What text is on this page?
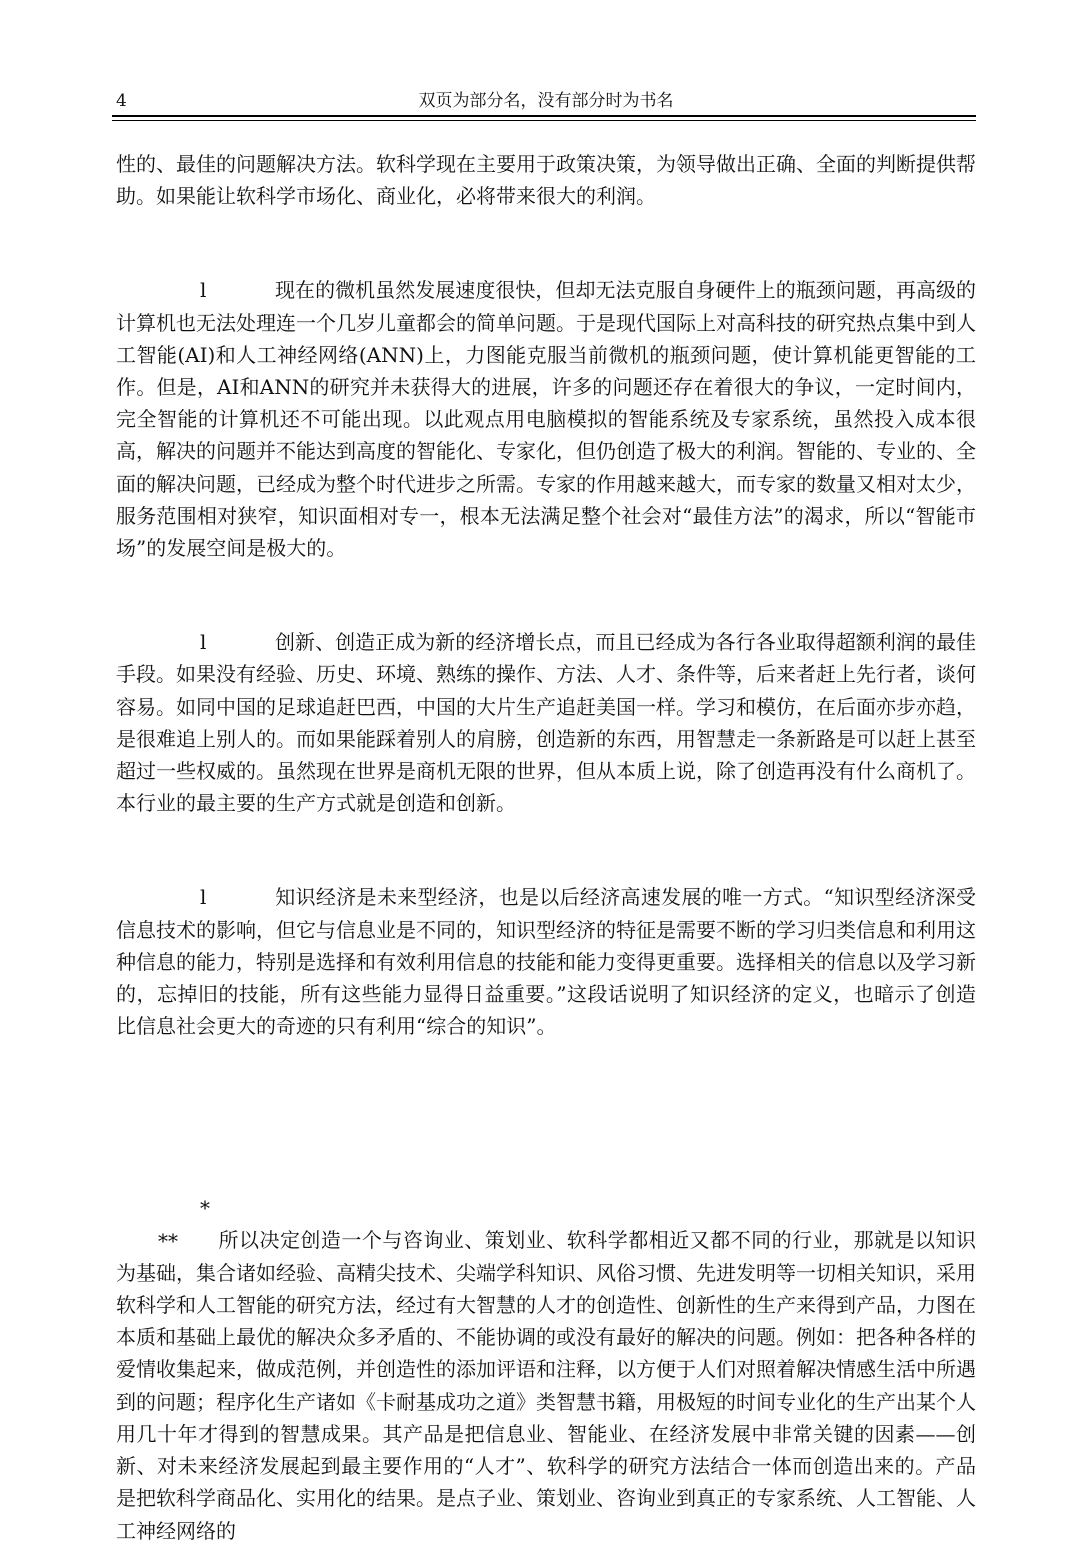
4	双页为部分名，没有部分时为书名

性的、最佳的问题解决方法。软科学现在主要用于政策决策，为领导做出正确、全面的判断提供帮助。如果能让软科学市场化、商业化，必将带来很大的利润。

l	现在的微机虽然发展速度很快，但却无法克服自身硬件上的瓶颈问题，再高级的计算机也无法处理连一个几岁儿童都会的简单问题。于是现代国际上对高科技的研究热点集中到人工智能(AI)和人工神经网络(ANN)上，力图能克服当前微机的瓶颈问题，使计算机能更智能的工作。但是，AI和ANN的研究并未获得大的进展，许多的问题还存在着很大的争议，一定时间内，完全智能的计算机还不可能出现。以此观点用电脑模拟的智能系统及专家系统，虽然投入成本很高，解决的问题并不能达到高度的智能化、专家化，但仍创造了极大的利润。智能的、专业的、全面的解决问题，已经成为整个时代进步之所需。专家的作用越来越大，而专家的数量又相对太少，服务范围相对狭窄，知识面相对专一，根本无法满足整个社会对“最佳方法”的渴求，所以“智能市场”的发展空间是极大的。

l	创新、创造正成为新的经济增长点，而且已经成为各行各业取得超额利润的最佳手段。如果没有经验、历史、环境、熟练的操作、方法、人才、条件等，后来者赶上先行者，谈何容易。如同中国的足球追赶巴西，中国的大片生产追赶美国一样。学习和模仿，在后面亦步亦趋，是很难追上别人的。而如果能踩着别人的肩膀，创造新的东西，用智慧走一条新路是可以赶上甚至超过一些权威的。虽然现在世界是商机无限的世界，但从本质上说，除了创造再没有什么商机了。本行业的最主要的生产方式就是创造和创新。

l	知识经济是未来型经济，也是以后经济高速发展的唯一方式。“知识型经济深受信息技术的影响，但它与信息业是不同的，知识型经济的特征是需要不断的学习归类信息和利用这种信息的能力，特别是选择和有效利用信息的技能和能力变得更重要。选择相关的信息以及学习新的，忘掉旧的技能，所有这些能力显得日益重要。”这段话说明了知识经济的定义，也暗示了创造比信息社会更大的奇迹的只有利用“综合的知识”。

*** 所以决定创造一个与咨询业、策划业、软科学都相近又都不同的行业，那就是以知识为基础，集合诸如经验、高精尖技术、尖端学科知识、风俗习惯、先进发明等一切相关知识，采用软科学和人工智能的研究方法，经过有大智慧的人才的创造性、创新性的生产来得到产品，力图在本质和基础上最优的解决众多矛盾的、不能协调的或没有最好的解决的问题。例如：把各种各样的爱情收集起来，做成范例，并创造性的添加评语和注释，以方便于人们对照着解决情感生活中所遇到的问题；程序化生产诸如《卡耐基成功之道》类智慧书籍，用极短的时间专业化的生产出某个人用几十年才得到的智慧成果。其产品是把信息业、智能业、在经济发展中非常关键的因素——创新、对未来经济发展起到最主要作用的“人才”、软科学的研究方法结合一体而创造出来的。产品是把软科学商品化、实用化的结果。是点子业、策划业、咨询业到真正的专家系统、人工智能、人工神经网络的
